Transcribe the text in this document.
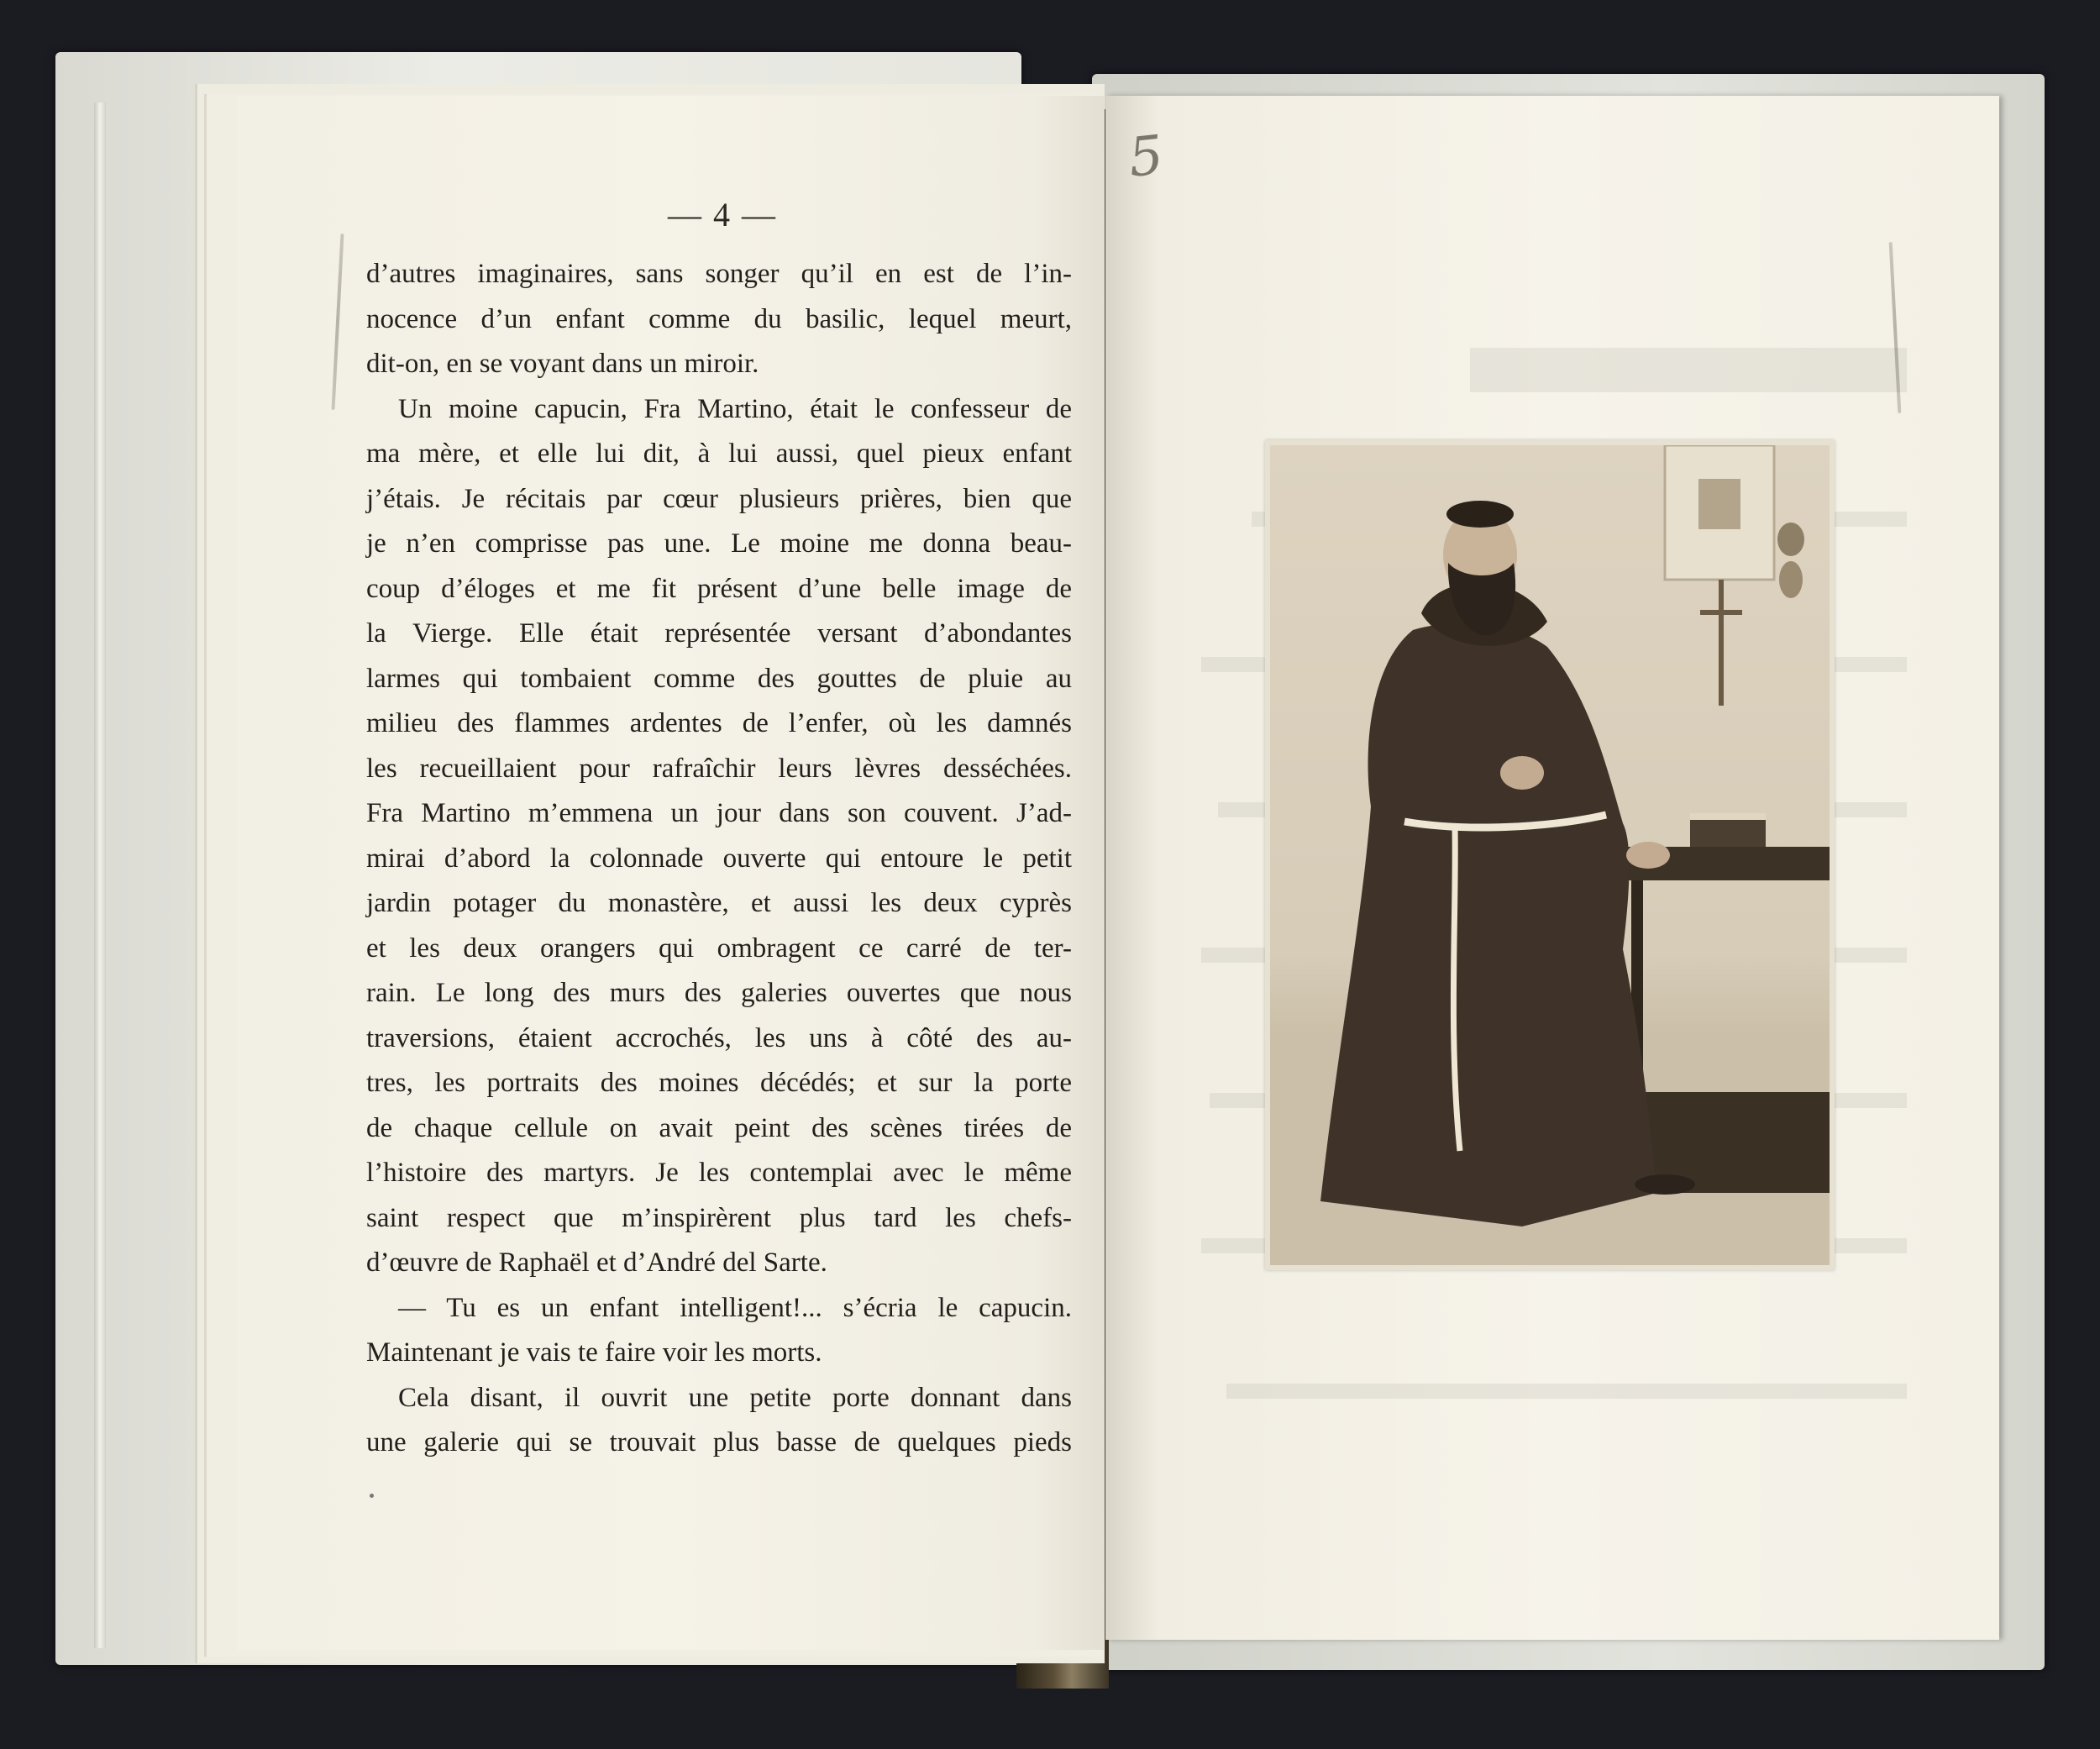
— 4 —
d’autres imaginaires, sans songer qu’il en est de l’in-
nocence d’un enfant comme du basilic, lequel meurt,
dit-on, en se voyant dans un miroir.
Un moine capucin, Fra Martino, était le confesseur de
ma mère, et elle lui dit, à lui aussi, quel pieux enfant
j’étais. Je récitais par cœur plusieurs prières, bien que
je n’en comprisse pas une. Le moine me donna beau-
coup d’éloges et me fit présent d’une belle image de
la Vierge. Elle était représentée versant d’abondantes
larmes qui tombaient comme des gouttes de pluie au
milieu des flammes ardentes de l’enfer, où les damnés
les recueillaient pour rafraîchir leurs lèvres desséchées.
Fra Martino m’emmena un jour dans son couvent. J’ad-
mirai d’abord la colonnade ouverte qui entoure le petit
jardin potager du monastère, et aussi les deux cyprès
et les deux orangers qui ombragent ce carré de ter-
rain. Le long des murs des galeries ouvertes que nous
traversions, étaient accrochés, les uns à côté des au-
tres, les portraits des moines décédés; et sur la porte
de chaque cellule on avait peint des scènes tirées de
l’histoire des martyrs. Je les contemplai avec le même
saint respect que m’inspirèrent plus tard les chefs-
d’œuvre de Raphaël et d’André del Sarte.
— Tu es un enfant intelligent!... s’écria le capucin.
Maintenant je vais te faire voir les morts.
Cela disant, il ouvrit une petite porte donnant dans
une galerie qui se trouvait plus basse de quelques pieds
5
